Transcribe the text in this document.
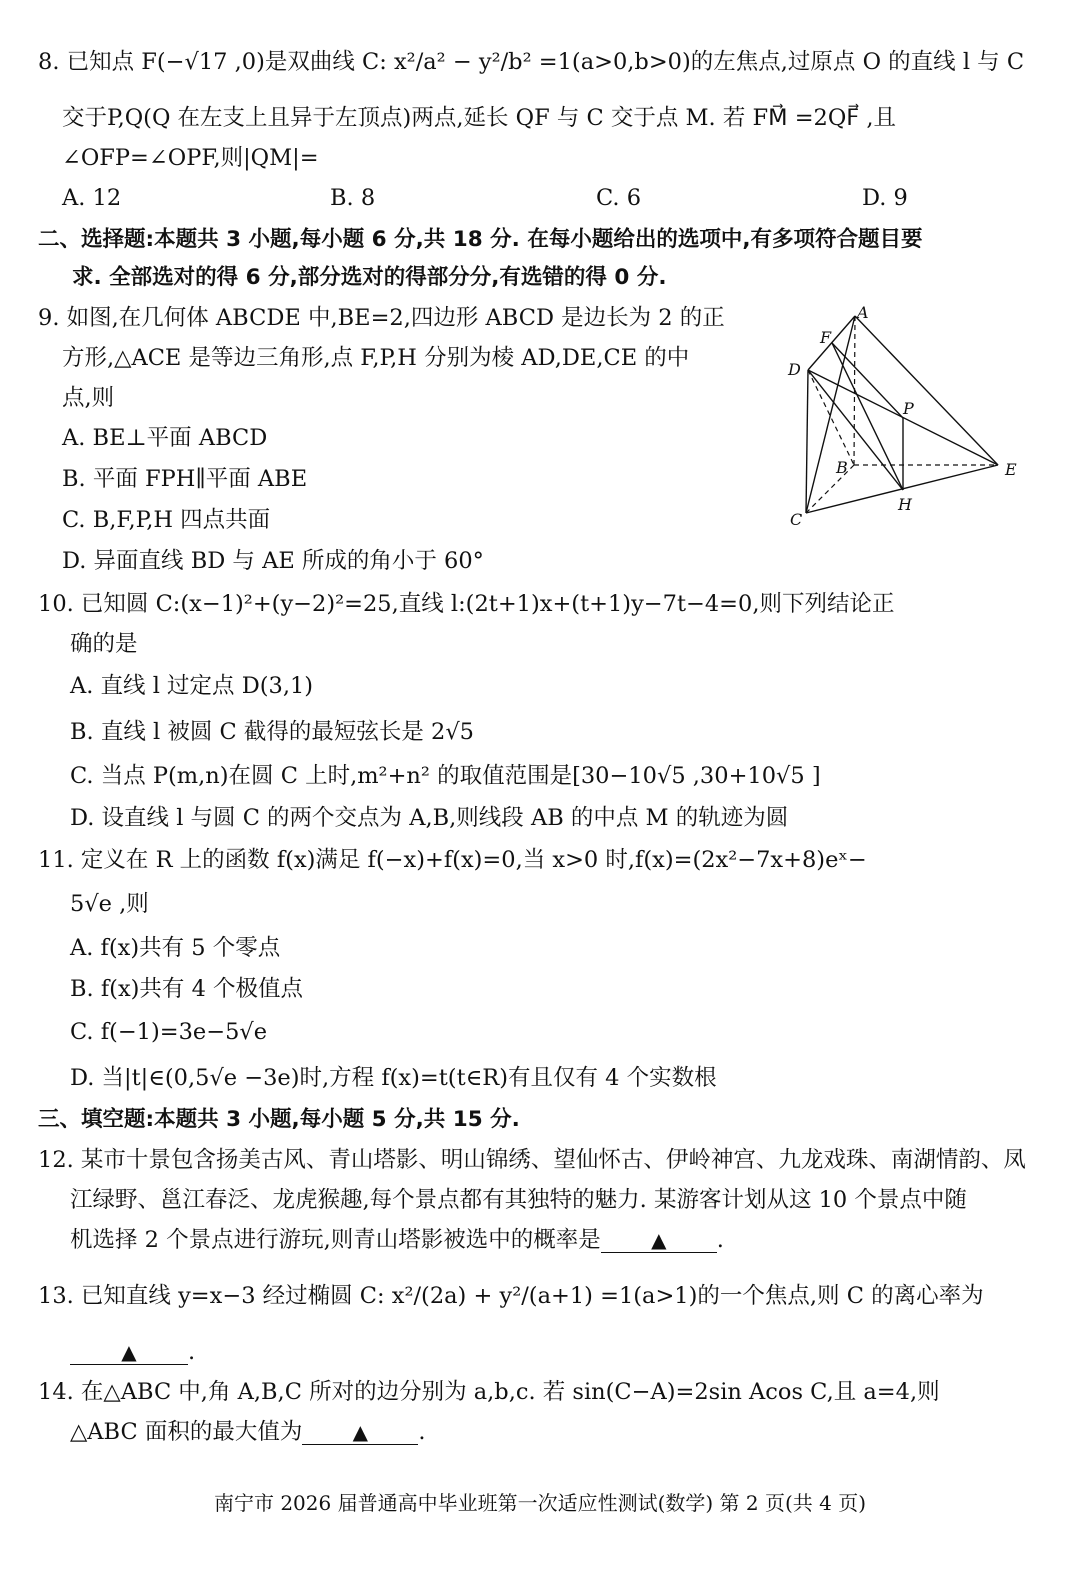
8. 已知点 F(−√17 ,0)是双曲线 C: x²/a² − y²/b² =1(a>0,b>0)的左焦点,过原点 O 的直线 l 与 C
交于P,Q(Q 在左支上且异于左顶点)两点,延长 QF 与 C 交于点 M. 若 FM⃗ =2QF⃗ ,且
∠OFP=∠OPF,则|QM|=
A. 12	B. 8	C. 6	D. 9
二、选择题:本题共 3 小题,每小题 6 分,共 18 分. 在每小题给出的选项中,有多项符合题目要
求. 全部选对的得 6 分,部分选对的得部分分,有选错的得 0 分.
9. 如图,在几何体 ABCDE 中,BE=2,四边形 ABCD 是边长为 2 的正
方形,△ACE 是等边三角形,点 F,P,H 分别为棱 AD,DE,CE 的中
点,则
A. BE⊥平面 ABCD
B. 平面 FPH∥平面 ABE
C. B,F,P,H 四点共面
D. 异面直线 BD 与 AE 所成的角小于 60°
A
F
D
P
B	E
H
C
10. 已知圆 C:(x−1)²+(y−2)²=25,直线 l:(2t+1)x+(t+1)y−7t−4=0,则下列结论正
确的是
A. 直线 l 过定点 D(3,1)
B. 直线 l 被圆 C 截得的最短弦长是 2√5
C. 当点 P(m,n)在圆 C 上时,m²+n² 的取值范围是[30−10√5 ,30+10√5 ]
D. 设直线 l 与圆 C 的两个交点为 A,B,则线段 AB 的中点 M 的轨迹为圆
11. 定义在 R 上的函数 f(x)满足 f(−x)+f(x)=0,当 x>0 时,f(x)=(2x²−7x+8)eˣ−
5√e ,则
A. f(x)共有 5 个零点
B. f(x)共有 4 个极值点
C. f(−1)=3e−5√e
D. 当|t|∈(0,5√e −3e)时,方程 f(x)=t(t∈R)有且仅有 4 个实数根
三、填空题:本题共 3 小题,每小题 5 分,共 15 分.
12. 某市十景包含扬美古风、青山塔影、明山锦绣、望仙怀古、伊岭神宫、九龙戏珠、南湖情韵、凤
江绿野、邕江春泛、龙虎猴趣,每个景点都有其独特的魅力. 某游客计划从这 10 个景点中随
机选择 2 个景点进行游玩,则青山塔影被选中的概率是	▲ .
13. 已知直线 y=x−3 经过椭圆 C: x²/(2a) + y²/(a+1) =1(a>1)的一个焦点,则 C 的离心率为
▲ .
14. 在△ABC 中,角 A,B,C 所对的边分别为 a,b,c. 若 sin(C−A)=2sin Acos C,且 a=4,则
△ABC 面积的最大值为	▲ .
南宁市 2026 届普通高中毕业班第一次适应性测试(数学) 第 2 页(共 4 页)
